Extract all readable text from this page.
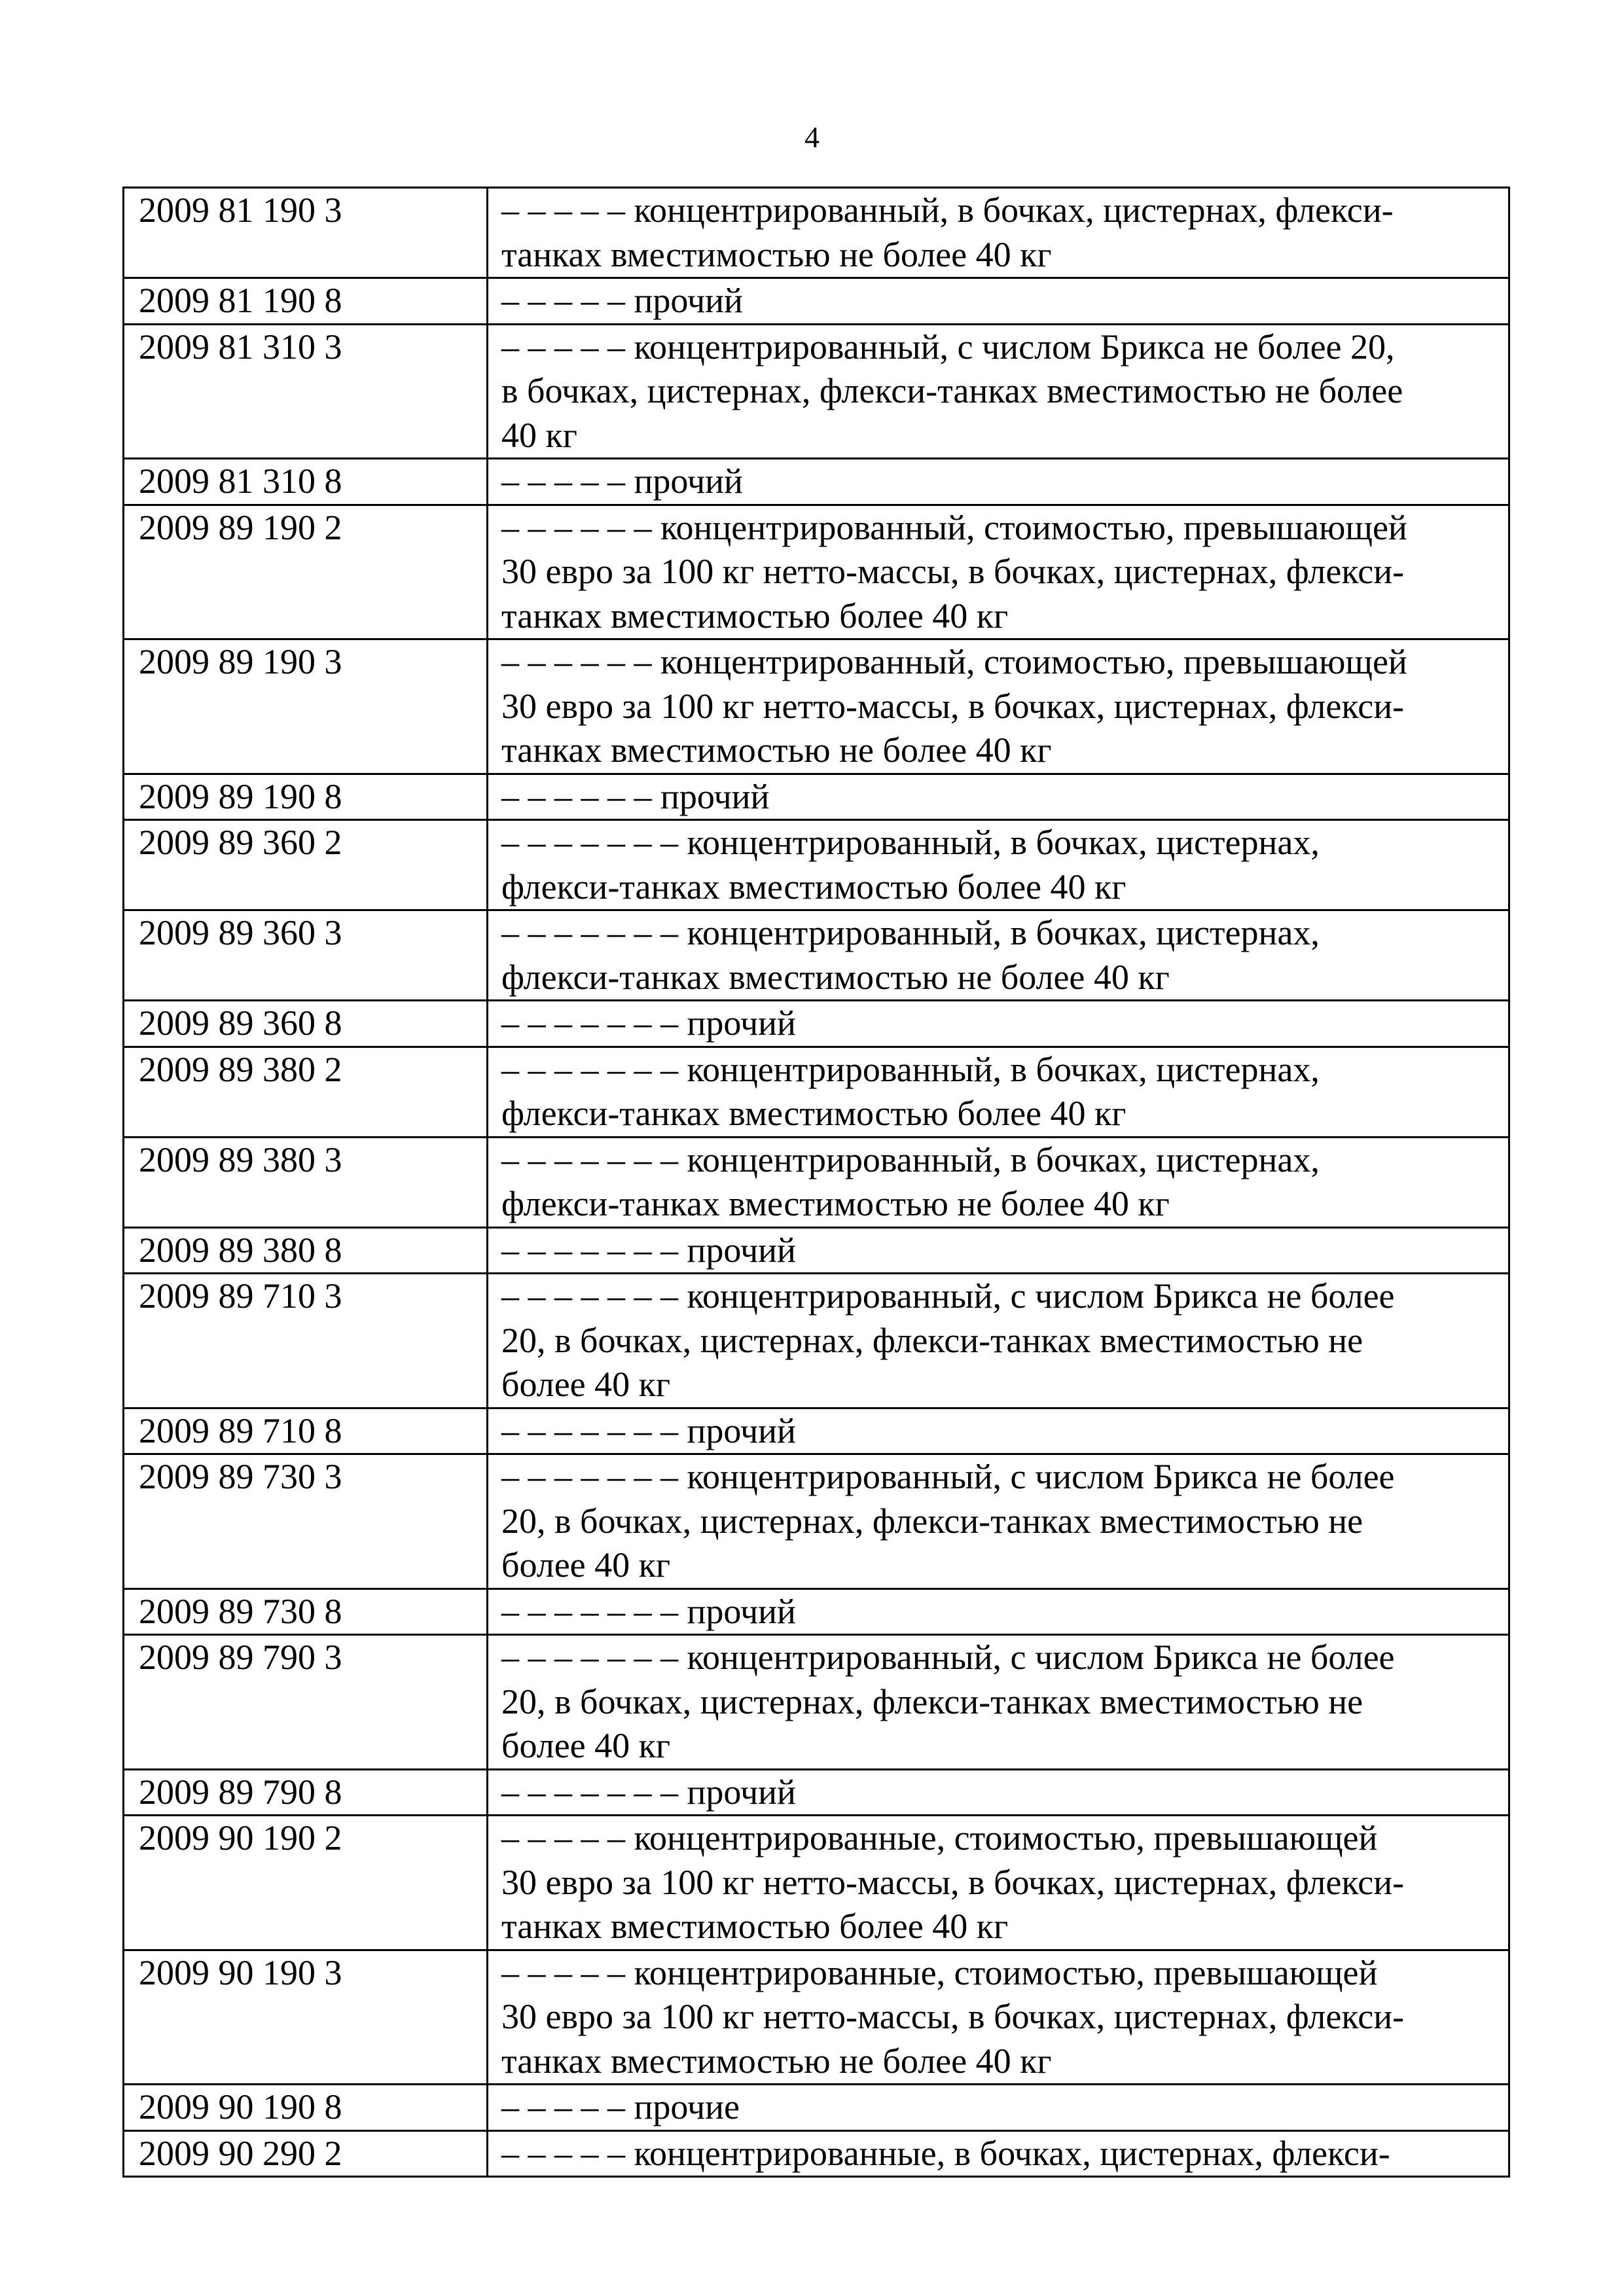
4
2009 81 190 3	– – – – – концентрированный, в бочках, цистернах, флекси-
танках вместимостью не более 40 кг

2009 81 190 8	– – – – – прочий

2009 81 310 3	– – – – – концентрированный, с числом Брикса не более 20,
в бочках, цистернах, флекси-танках вместимостью не более
40 кг

2009 81 310 8	– – – – – прочий

2009 89 190 2	– – – – – – концентрированный, стоимостью, превышающей
30 евро за 100 кг нетто-массы, в бочках, цистернах, флекси-
танках вместимостью более 40 кг

2009 89 190 3	– – – – – – концентрированный, стоимостью, превышающей
30 евро за 100 кг нетто-массы, в бочках, цистернах, флекси-
танках вместимостью не более 40 кг

2009 89 190 8	– – – – – – прочий

2009 89 360 2	– – – – – – – концентрированный, в бочках, цистернах,
флекси-танках вместимостью более 40 кг

2009 89 360 3	– – – – – – – концентрированный, в бочках, цистернах,
флекси-танках вместимостью не более 40 кг

2009 89 360 8	– – – – – – – прочий

2009 89 380 2	– – – – – – – концентрированный, в бочках, цистернах,
флекси-танках вместимостью более 40 кг

2009 89 380 3	– – – – – – – концентрированный, в бочках, цистернах,
флекси-танках вместимостью не более 40 кг

2009 89 380 8	– – – – – – – прочий

2009 89 710 3	– – – – – – – концентрированный, с числом Брикса не более
20, в бочках, цистернах, флекси-танках вместимостью не
более 40 кг

2009 89 710 8	– – – – – – – прочий

2009 89 730 3	– – – – – – – концентрированный, с числом Брикса не более
20, в бочках, цистернах, флекси-танках вместимостью не
более 40 кг

2009 89 730 8	– – – – – – – прочий

2009 89 790 3	– – – – – – – концентрированный, с числом Брикса не более
20, в бочках, цистернах, флекси-танках вместимостью не
более 40 кг

2009 89 790 8	– – – – – – – прочий

2009 90 190 2	– – – – – концентрированные, стоимостью, превышающей
30 евро за 100 кг нетто-массы, в бочках, цистернах, флекси-
танках вместимостью более 40 кг

2009 90 190 3	– – – – – концентрированные, стоимостью, превышающей
30 евро за 100 кг нетто-массы, в бочках, цистернах, флекси-
танках вместимостью не более 40 кг

2009 90 190 8	– – – – – прочие

2009 90 290 2	– – – – – концентрированные, в бочках, цистернах, флекси-
